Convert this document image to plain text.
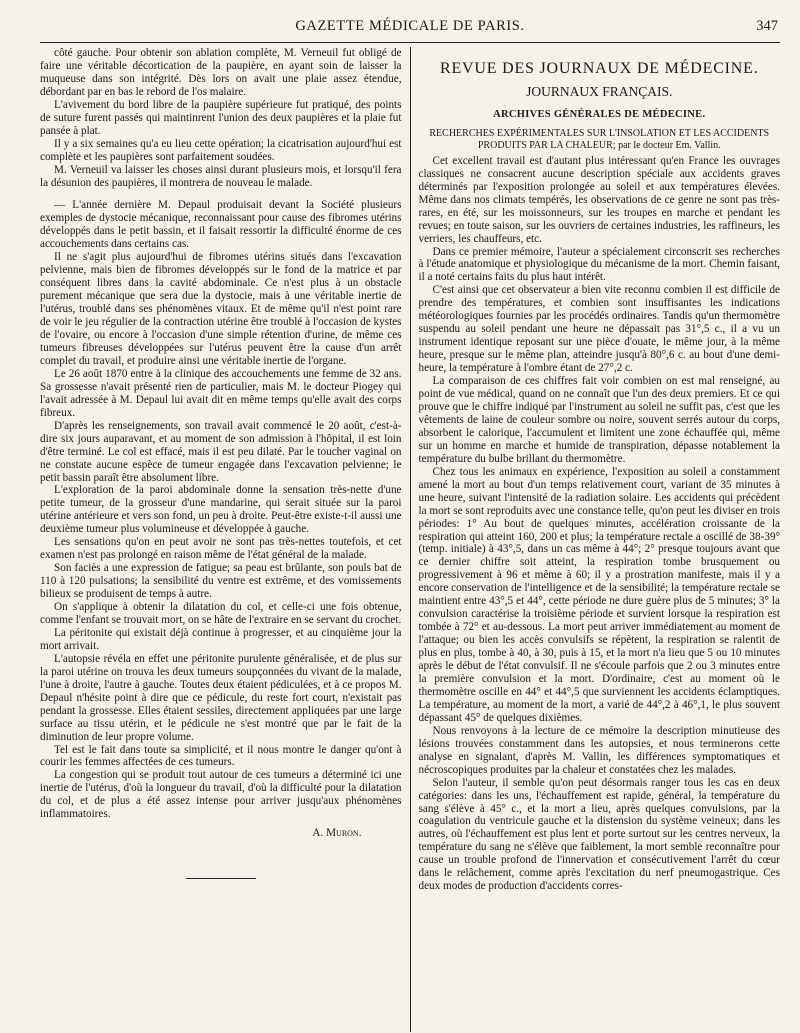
GAZETTE MÉDICALE DE PARIS.	347

côté gauche. Pour obtenir son ablation complète, M. Verneuil fut obligé de faire une véritable décortication de la paupière, en ayant soin de laisser la muqueuse dans son intégrité. Dès lors on avait une plaie assez étendue, débordant par en bas le rebord de l'os malaire.

L'avivement du bord libre de la paupière supérieure fut pratiqué, des points de suture furent passés qui maintinrent l'union des deux paupières et la plaie fut pansée à plat.

Il y a six semaines qu'a eu lieu cette opération; la cicatrisation aujourd'hui est complète et les paupières sont parfaitement soudées.

M. Verneuil va laisser les choses ainsi durant plusieurs mois, et lorsqu'il fera la désunion des paupières, il montrera de nouveau le malade.

— L'année dernière M. Depaul produisait devant la Société plusieurs exemples de dystocie mécanique, reconnaissant pour cause des fibromes utérins développés dans le petit bassin, et il faisait ressortir la difficulté énorme de ces accouchements dans certains cas.

Il ne s'agit plus aujourd'hui de fibromes utérins situés dans l'excavation pelvienne, mais bien de fibromes développés sur le fond de la matrice et par conséquent libres dans la cavité abdominale. Ce n'est plus à un obstacle purement mécanique que sera due la dystocie, mais à une véritable inertie de l'utérus, troublé dans ses phénomènes vitaux. Et de même qu'il n'est point rare de voir le jeu régulier de la contraction utérine être troublé à l'occasion de kystes de l'ovaire, ou encore à l'occasion d'une simple rétention d'urine, de même ces tumeurs fibreuses développées sur l'utérus peuvent être la cause d'un arrêt complet du travail, et produire ainsi une véritable inertie de l'organe.

Le 26 août 1870 entre à la clinique des accouchements une femme de 32 ans. Sa grossesse n'avait présenté rien de particulier, mais M. le docteur Piogey qui l'avait adressée à M. Depaul lui avait dit en même temps qu'elle avait des corps fibreux.

D'après les renseignements, son travail avait commencé le 20 août, c'est-à-dire six jours auparavant, et au moment de son admission à l'hôpital, il est loin d'être terminé. Le col est effacé, mais il est peu dilaté. Par le toucher vaginal on ne constate aucune espèce de tumeur engagée dans l'excavation pelvienne; le petit bassin paraît être absolument libre.

L'exploration de la paroi abdominale donne la sensation très-nette d'une petite tumeur, de la grosseur d'une mandarine, qui serait située sur la paroi utérine antérieure et vers son fond, un peu à droite. Peut-être existe-t-il aussi une deuxième tumeur plus volumineuse et développée à gauche.

Les sensations qu'on en peut avoir ne sont pas très-nettes toutefois, et cet examen n'est pas prolongé en raison même de l'état général de la malade.

Son faciès a une expression de fatigue; sa peau est brûlante, son pouls bat de 110 à 120 pulsations; la sensibilité du ventre est extrême, et des vomissements bilieux se produisent de temps à autre.

On s'applique à obtenir la dilatation du col, et celle-ci une fois obtenue, comme l'enfant se trouvait mort, on se hâte de l'extraire en se servant du crochet.

La péritonite qui existait déjà continue à progresser, et au cinquième jour la mort arrivait.

L'autopsie révéla en effet une péritonite purulente généralisée, et de plus sur la paroi utérine on trouva les deux tumeurs soupçonnées du vivant de la malade, l'une à droite, l'autre à gauche. Toutes deux étaient pédiculées, et à ce propos M. Depaul n'hésite point à dire que ce pédicule, du reste fort court, n'existait pas pendant la grossesse. Elles étaient sessiles, directement appliquées par une large surface au tissu utérin, et le pédicule ne s'est montré que par le fait de la diminution de leur propre volume.

Tel est le fait dans toute sa simplicité, et il nous montre le danger qu'ont à courir les femmes affectées de ces tumeurs.

La congestion qui se produit tout autour de ces tumeurs a déterminé ici une inertie de l'utérus, d'où la longueur du travail, d'où la difficulté pour la dilatation du col, et de plus a été assez intense pour arriver jusqu'aux phénomènes inflammatoires.

A. Muron.
REVUE DES JOURNAUX DE MÉDECINE.
JOURNAUX FRANÇAIS.
ARCHIVES GÉNÉRALES DE MÉDECINE.
RECHERCHES EXPÉRIMENTALES SUR L'INSOLATION ET LES ACCIDENTS PRODUITS PAR LA CHALEUR; par le docteur Em. Vallin.

Cet excellent travail est d'autant plus intéressant qu'en France les ouvrages classiques ne consacrent aucune description spéciale aux accidents graves déterminés par l'exposition prolongée au soleil et aux températures élevées. Même dans nos climats tempérés, les observations de ce genre ne sont pas très-rares, en été, sur les moissonneurs, sur les troupes en marche et pendant les revues; en toute saison, sur les ouvriers de certaines industries, les raffineurs, les verriers, les chauffeurs, etc.

Dans ce premier mémoire, l'auteur a spécialement circonscrit ses recherches à l'étude anatomique et physiologique du mécanisme de la mort. Chemin faisant, il a noté certains faits du plus haut intérêt.

C'est ainsi que cet observateur a bien vite reconnu combien il est difficile de prendre des températures, et combien sont insuffisantes les indications météorologiques fournies par les procédés ordinaires. Tandis qu'un thermomètre suspendu au soleil pendant une heure ne dépassait pas 31°,5 c., il a vu un instrument identique reposant sur une pièce d'ouate, le même jour, à la même heure, presque sur le même plan, atteindre jusqu'à 80°,6 c. au bout d'une demi-heure, la température à l'ombre étant de 27°,2 c.

La comparaison de ces chiffres fait voir combien on est mal renseigné, au point de vue médical, quand on ne connaît que l'un des deux premiers. Et ce qui prouve que le chiffre indiqué par l'instrument au soleil ne suffit pas, c'est que les vêtements de laine de couleur sombre ou noire, souvent serrés autour du corps, absorbent le calorique, l'accumulent et limitent une zone échauffée qui, même sur un homme en marche et humide de transpiration, dépasse notablement la température du bulbe brillant du thermomètre.

Chez tous les animaux en expérience, l'exposition au soleil a constamment amené la mort au bout d'un temps relativement court, variant de 35 minutes à une heure, suivant l'intensité de la radiation solaire. Les accidents qui précèdent la mort se sont reproduits avec une constance telle, qu'on peut les diviser en trois périodes: 1° Au bout de quelques minutes, accélération croissante de la respiration qui atteint 160, 200 et plus; la température rectale a oscillé de 38-39° (temp. initiale) à 43°,5, dans un cas même à 44°; 2° presque toujours avant que ce dernier chiffre soit atteint, la respiration tombe brusquement ou progressivement à 96 et même à 60; il y a prostration manifeste, mais il y a encore conservation de l'intelligence et de la sensibilité; la température rectale se maintient entre 43°,5 et 44°, cette période ne dure guère plus de 5 minutes; 3° la convulsion caractérise la troisième période et survient lorsque la respiration est tombée à 72° et au-dessous. La mort peut arriver immédiatement au moment de l'attaque; ou bien les accès convulsifs se répètent, la respiration se ralentit de plus en plus, tombe à 40, à 30, puis à 15, et la mort n'a lieu que 5 ou 10 minutes après le début de l'état convulsif. Il ne s'écoule parfois que 2 ou 3 minutes entre la première convulsion et la mort. D'ordinaire, c'est au moment où le thermomètre oscille en 44° et 44°,5 que surviennent les accidents éclamptiques. La température, au moment de la mort, a varié de 44°,2 à 46°,1, le plus souvent dépassant 45° de quelques dixièmes.

Nous renvoyons à la lecture de ce mémoire la description minutieuse des lésions trouvées constamment dans les autopsies, et nous terminerons cette analyse en signalant, d'après M. Vallin, les différences symptomatiques et nécroscopiques produites par la chaleur et constatées chez les malades.

Selon l'auteur, il semble qu'on peut désormais ranger tous les cas en deux catégories: dans les uns, l'échauffement est rapide, général, la température du sang s'élève à 45° c., et la mort a lieu, après quelques convulsions, par la coagulation du ventricule gauche et la distension du système veineux; dans les autres, où l'échauffement est plus lent et porte surtout sur les centres nerveux, la température du sang ne s'élève que faiblement, la mort semble reconnaître pour cause un trouble profond de l'innervation et consécutivement l'arrêt du cœur dans le relâchement, comme après l'excitation du nerf pneumogastrique. Ces deux modes de production d'accidents corres-
